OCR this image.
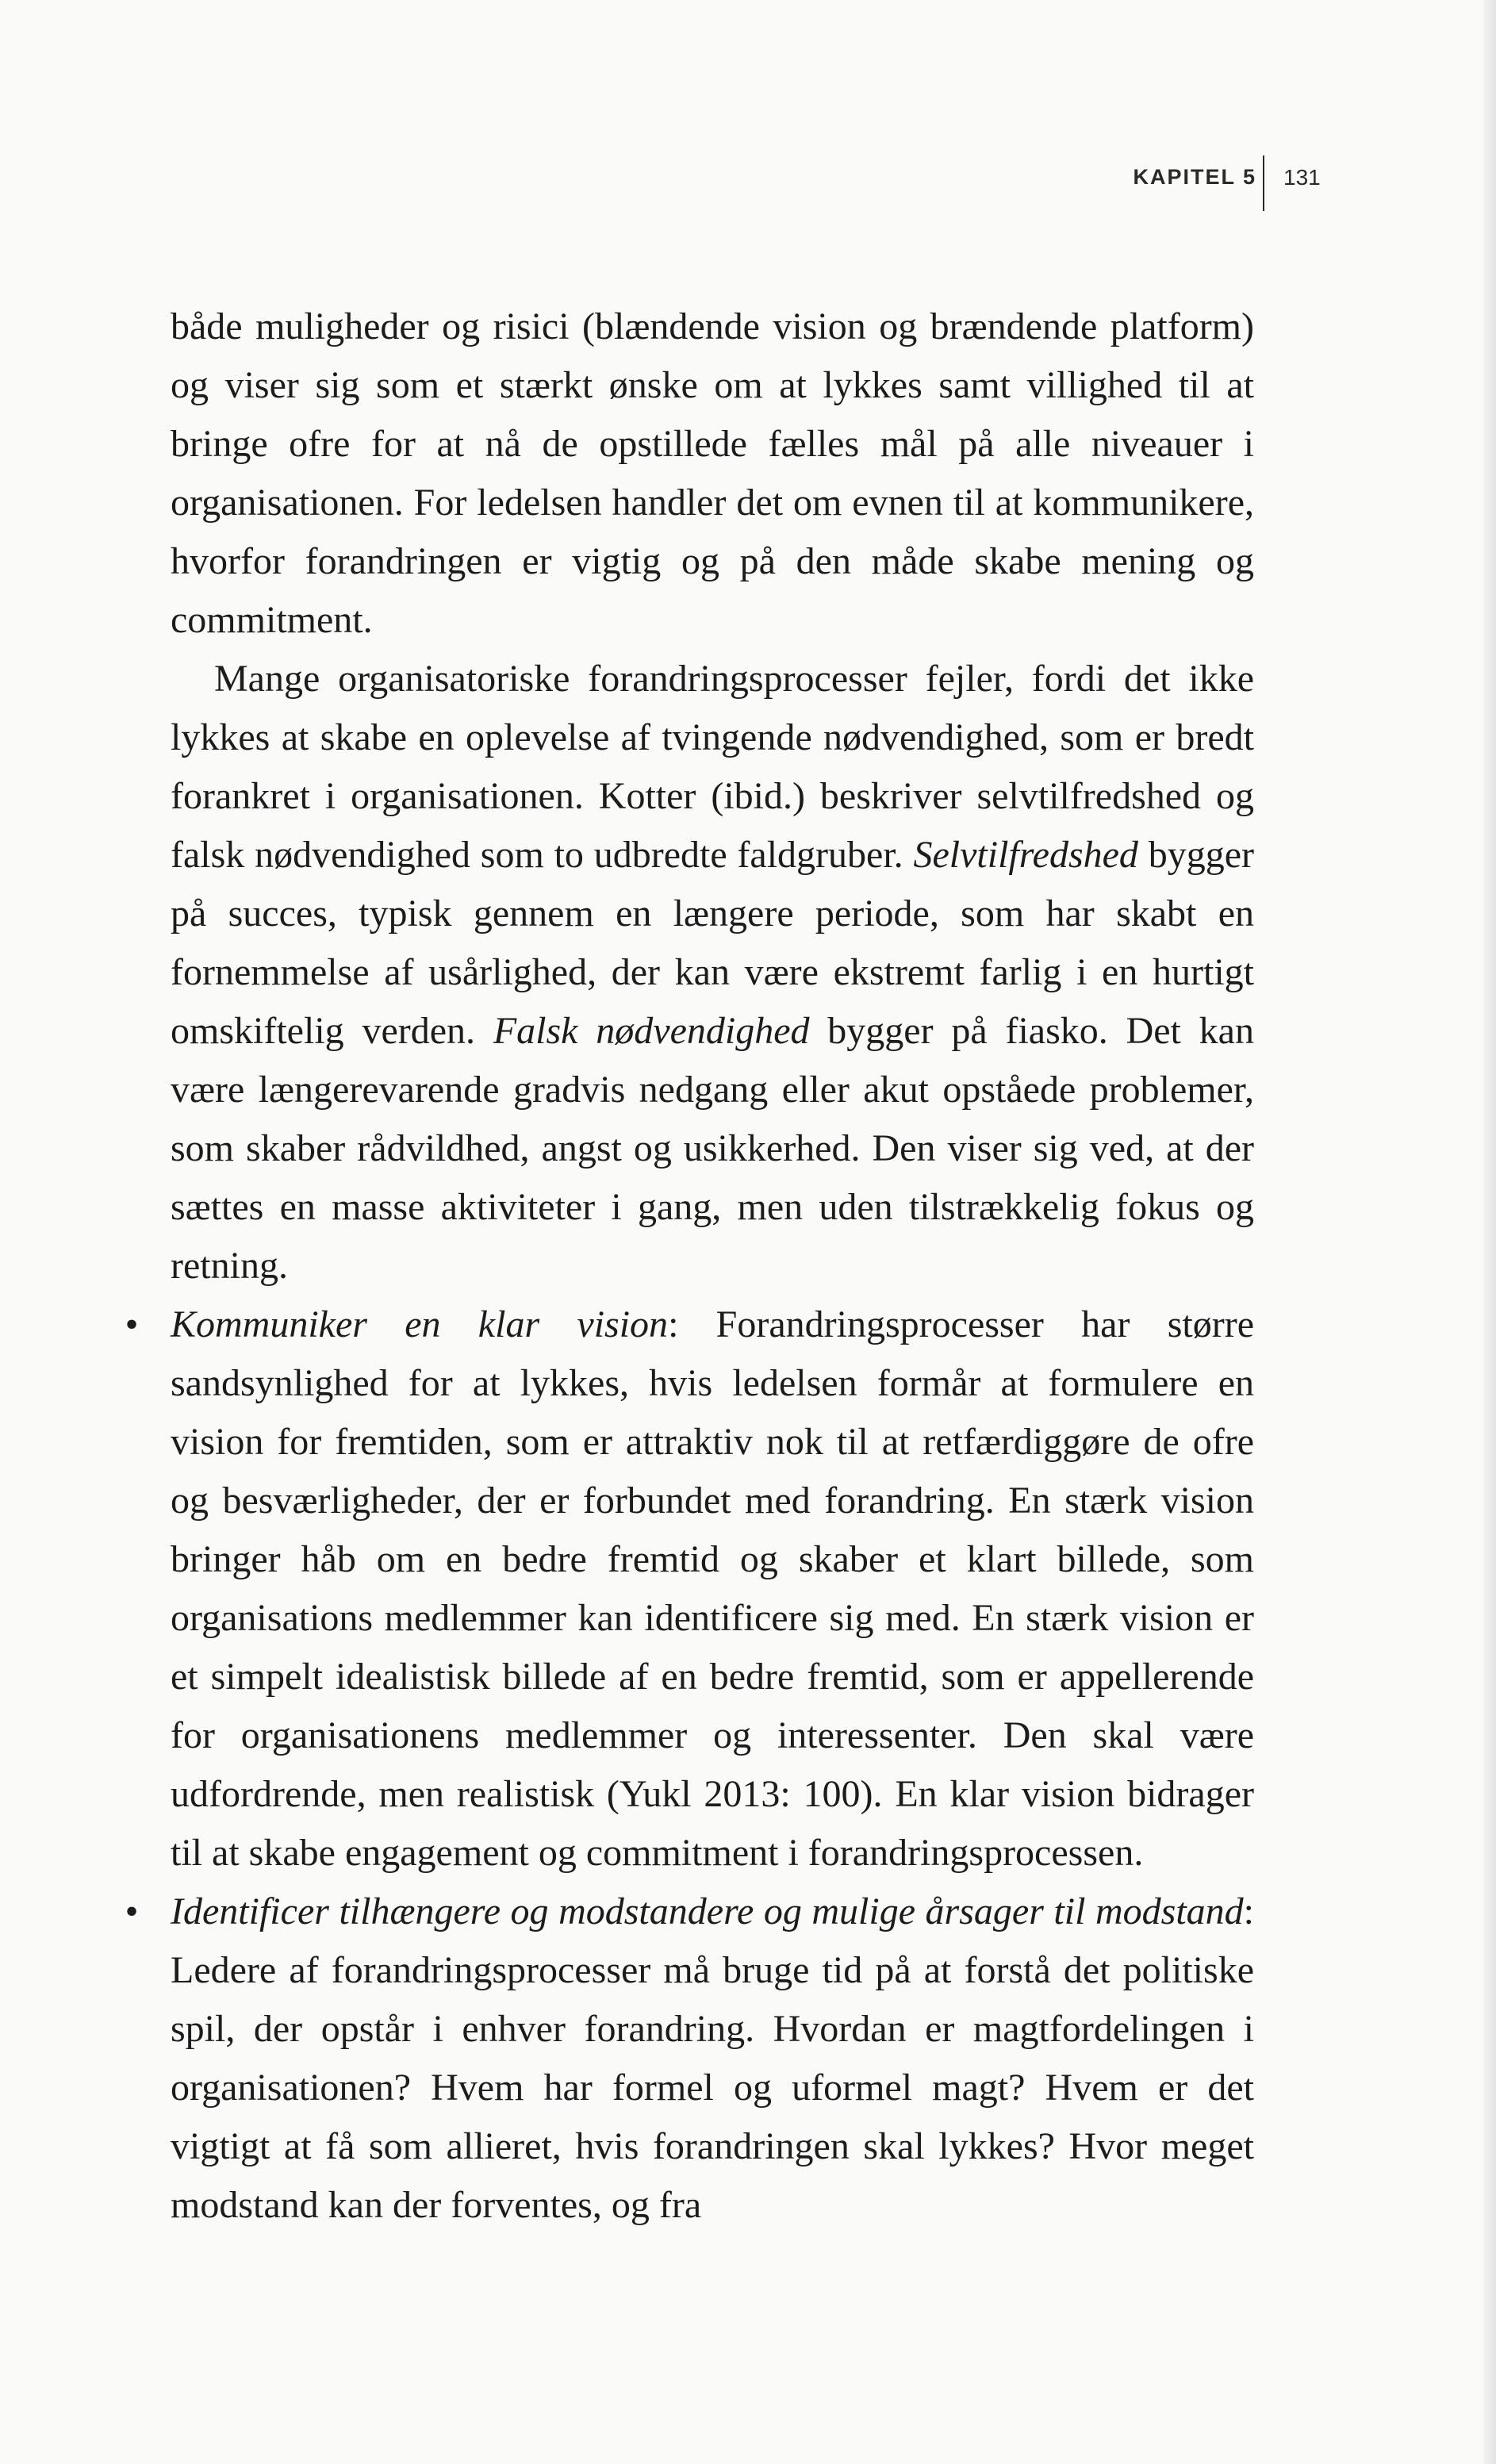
KAPITEL 5 131

både muligheder og risici (blændende vision og brændende platform) og viser sig som et stærkt ønske om at lykkes samt villighed til at bringe ofre for at nå de opstillede fælles mål på alle niveauer i organisationen. For ledelsen handler det om evnen til at kommunikere, hvorfor forandringen er vigtig og på den måde skabe mening og commitment.

Mange organisatoriske forandringsprocesser fejler, fordi det ikke lykkes at skabe en oplevelse af tvingende nødvendighed, som er bredt forankret i organisationen. Kotter (ibid.) beskriver selvtilfredshed og falsk nødvendighed som to udbredte faldgruber. Selvtilfredshed bygger på succes, typisk gennem en længere periode, som har skabt en fornemmelse af usårlighed, der kan være ekstremt farlig i en hurtigt omskiftelig verden. Falsk nødvendighed bygger på fiasko. Det kan være længerevarende gradvis nedgang eller akut opståede problemer, som skaber rådvildhed, angst og usikkerhed. Den viser sig ved, at der sættes en masse aktiviteter i gang, men uden tilstrækkelig fokus og retning.

• Kommuniker en klar vision: Forandringsprocesser har større sandsynlighed for at lykkes, hvis ledelsen formår at formulere en vision for fremtiden, som er attraktiv nok til at retfærdiggøre de ofre og besværligheder, der er forbundet med forandring. En stærk vision bringer håb om en bedre fremtid og skaber et klart billede, som organisations medlemmer kan identificere sig med. En stærk vision er et simpelt idealistisk billede af en bedre fremtid, som er appellerende for organisationens medlemmer og interessenter. Den skal være udfordrende, men realistisk (Yukl 2013: 100). En klar vision bidrager til at skabe engagement og commitment i forandringsprocessen.
• Identificer tilhængere og modstandere og mulige årsager til modstand: Ledere af forandringsprocesser må bruge tid på at forstå det politiske spil, der opstår i enhver forandring. Hvordan er magtfordelingen i organisationen? Hvem har formel og uformel magt? Hvem er det vigtigt at få som allieret, hvis forandringen skal lykkes? Hvor meget modstand kan der forventes, og fra
